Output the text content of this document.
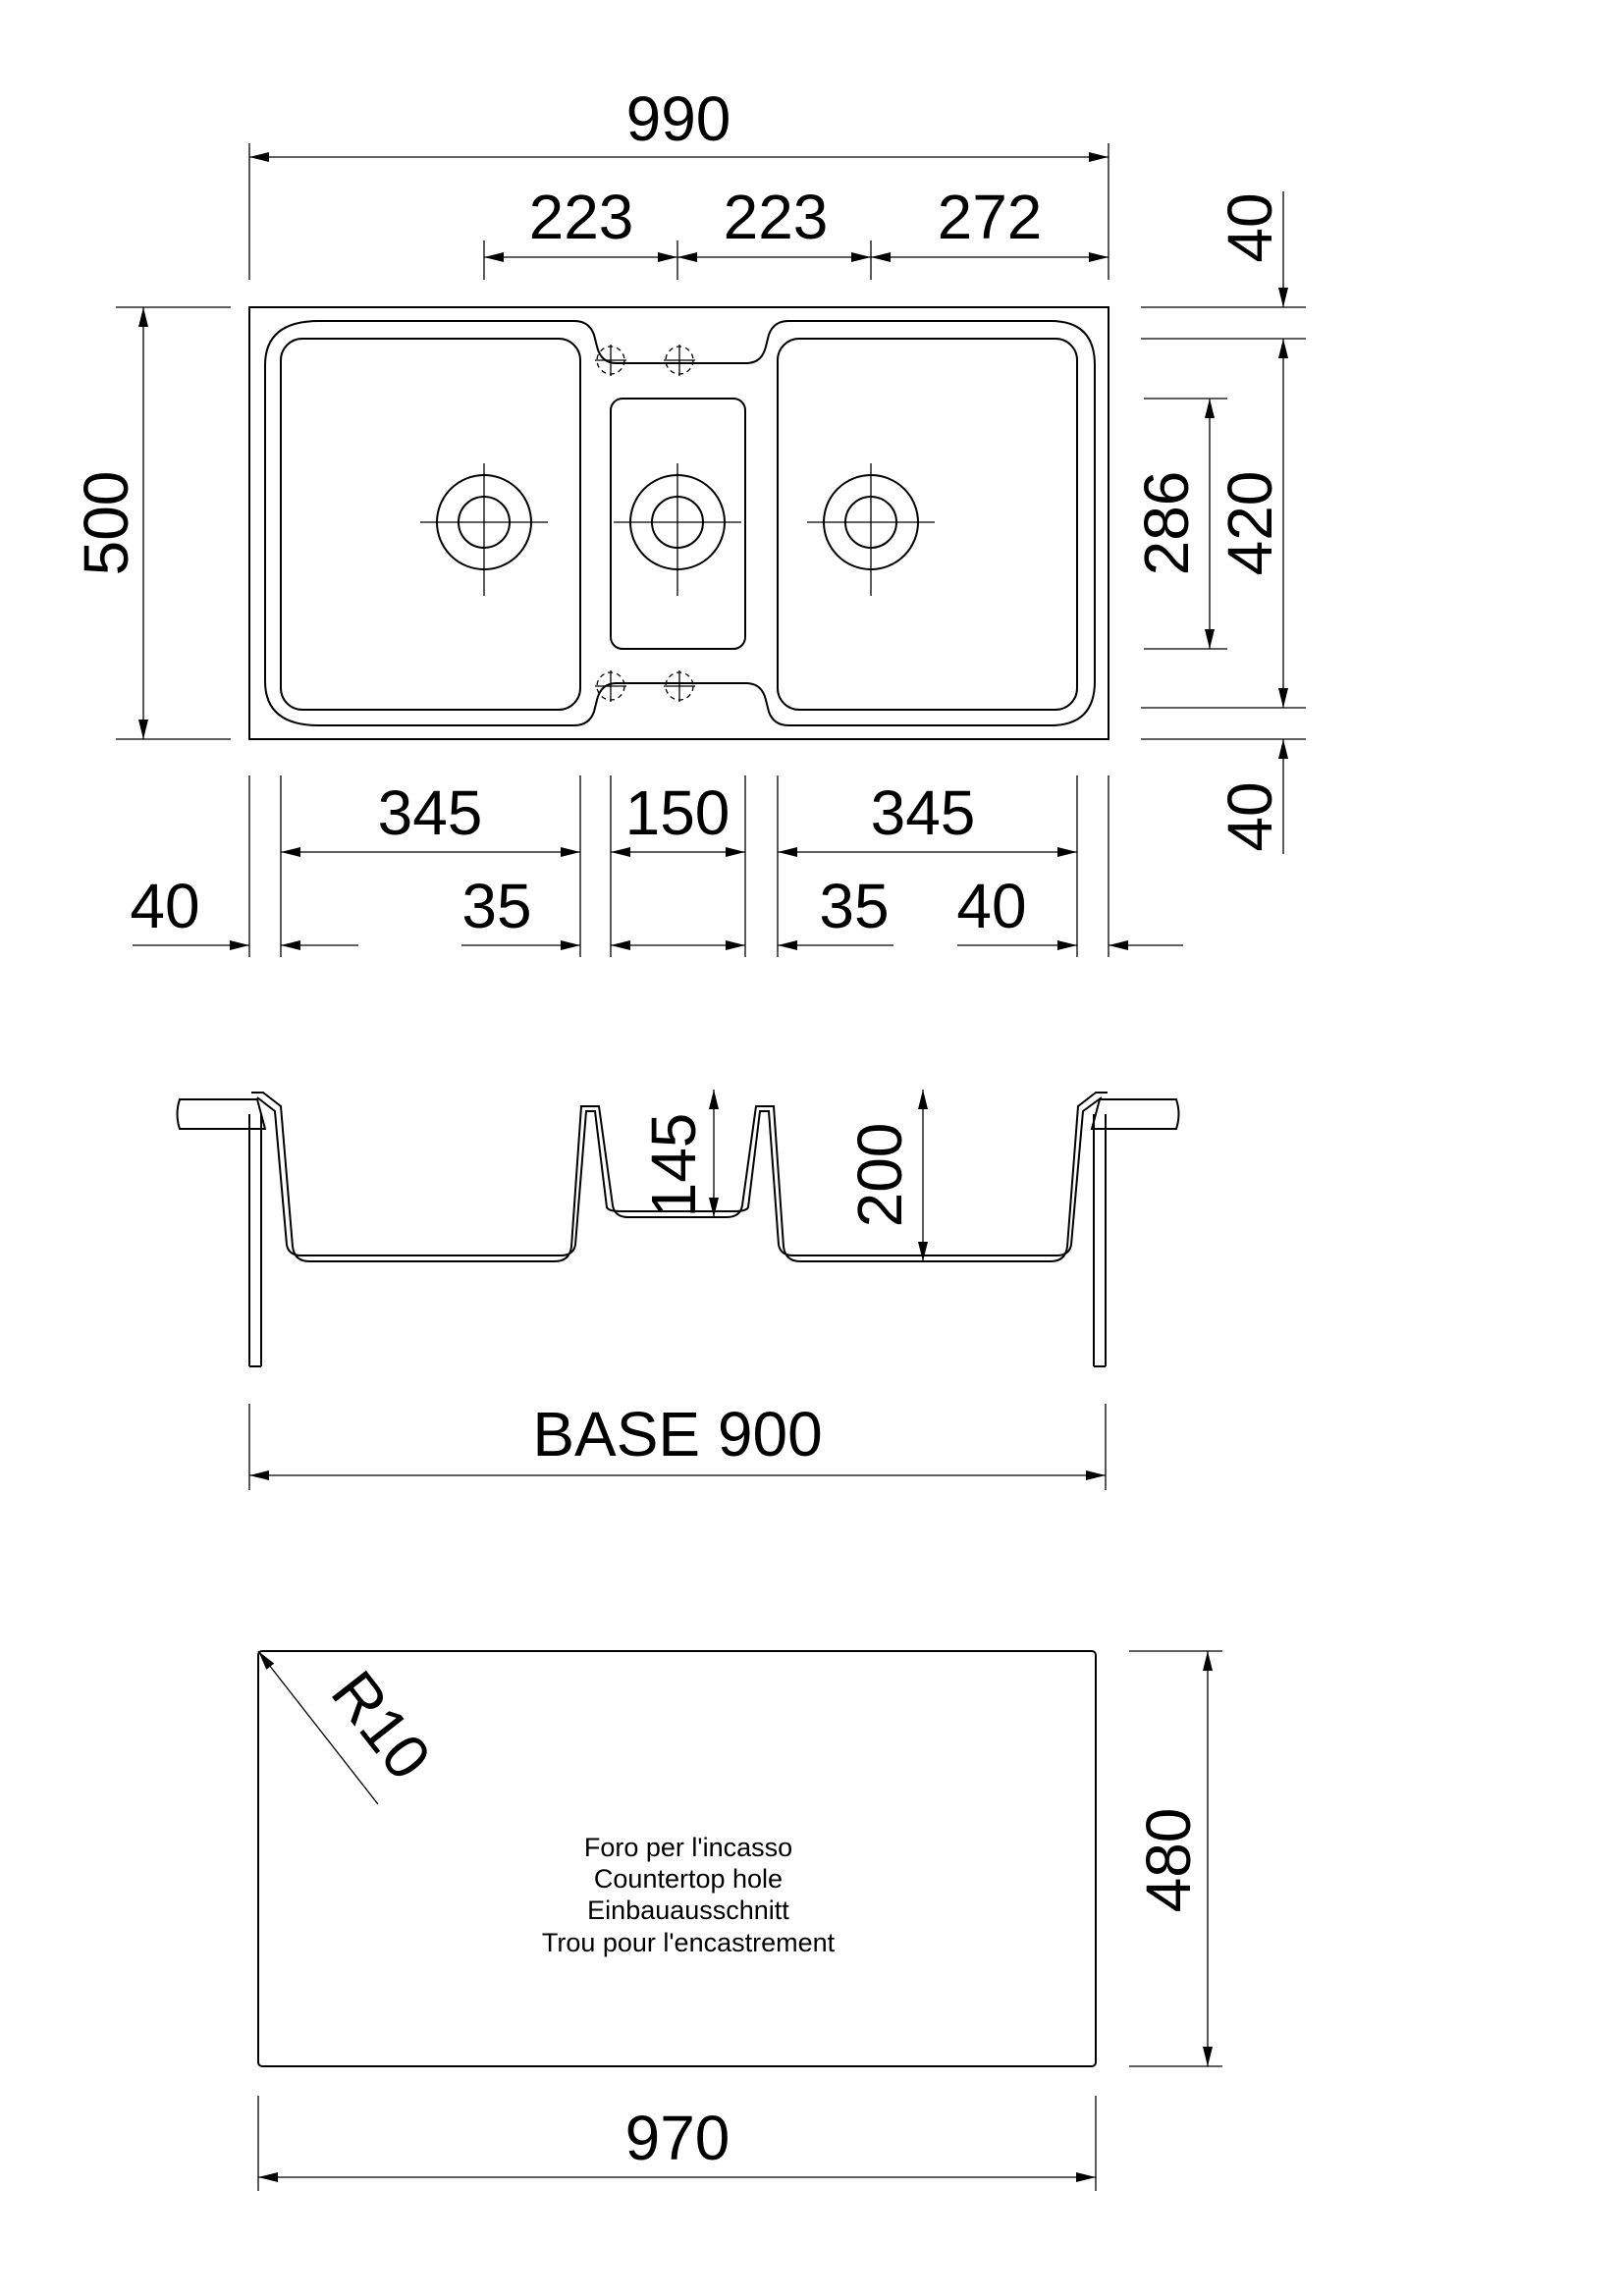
990
223 223 272
500
40
286 420
40
345 150 345
40	35	35 40
145 200
BASE 900
R10
Foro per l'incasso
Countertop hole
Einbauausschnitt
Trou pour l'encastrement
480
970
